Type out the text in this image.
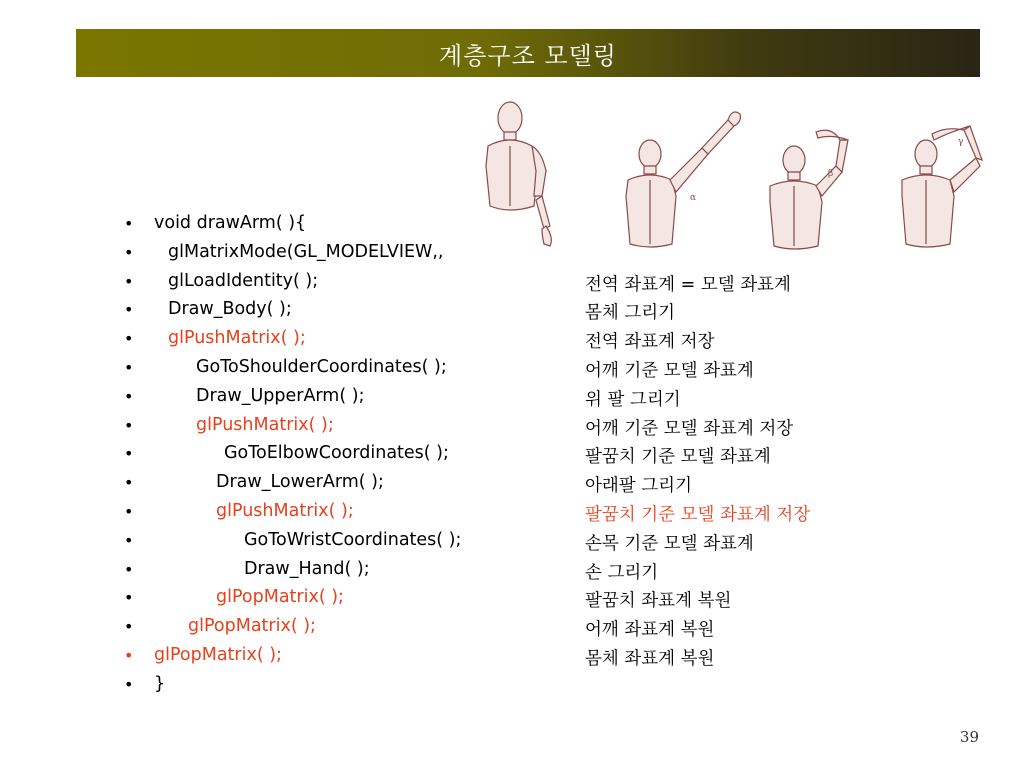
계층구조 모델링
α
β
γ
• void drawArm( ){
• glMatrixMode(GL_MODELVIEW,,
• glLoadIdentity( );	전역 좌표계 = 모델 좌표계
• Draw_Body( );	몸체 그리기
• glPushMatrix( );	전역 좌표계 저장
•	GoToShoulderCoordinates( );	어깨 기준 모델 좌표계
•	Draw_UpperArm( );	위 팔 그리기
•	glPushMatrix( );	어깨 기준 모델 좌표계 저장
•	GoToElbowCoordinates( );	팔꿈치 기준 모델 좌표계
•	Draw_LowerArm( );	아래팔 그리기
•	glPushMatrix( );	팔꿈치 기준 모델 좌표계 저장
•	GoToWristCoordinates( );	손목 기준 모델 좌표계
•	Draw_Hand( );	손 그리기
•	glPopMatrix( );	팔꿈치 좌표계 복원
•	glPopMatrix( );	어깨 좌표계 복원
• glPopMatrix( );	몸체 좌표계 복원
• }
39
